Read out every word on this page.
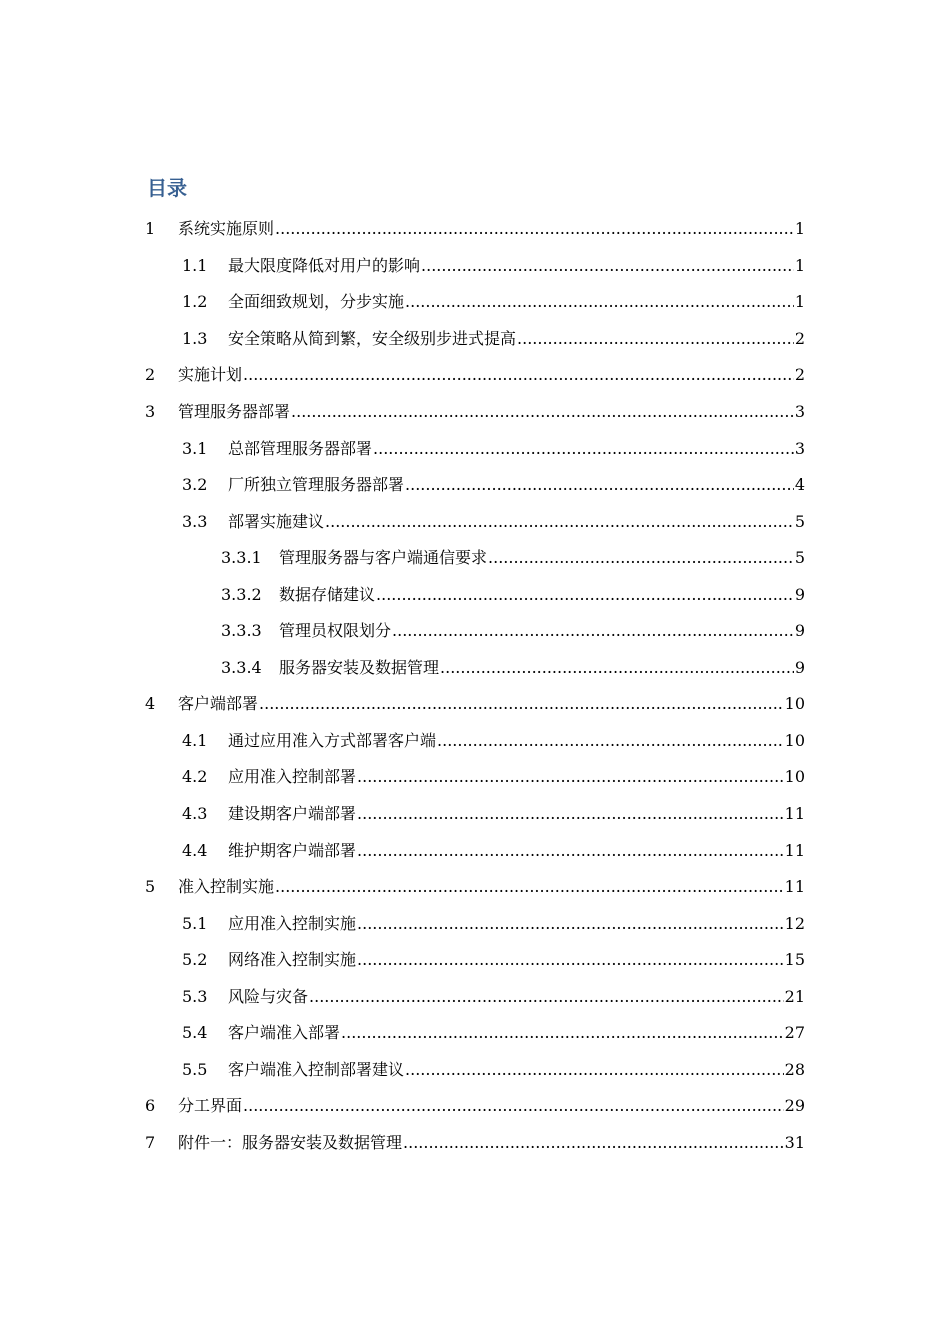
目录
1	系统实施原则 .....	1
1.1	最大限度降低对用户的影响 .....	1
1.2	全面细致规划，分步实施 .....	1
1.3	安全策略从简到繁，安全级别步进式提高 .....	2
2	实施计划 .....	2
3	管理服务器部署 .....	3
3.1	总部管理服务器部署 .....	3
3.2	厂所独立管理服务器部署 .....	4
3.3	部署实施建议 .....	5
3.3.1	管理服务器与客户端通信要求 .....	5
3.3.2	数据存储建议 .....	9
3.3.3	管理员权限划分 .....	9
3.3.4	服务器安装及数据管理 .....	9
4	客户端部署 .....	10
4.1	通过应用准入方式部署客户端 .....	10
4.2	应用准入控制部署 .....	10
4.3	建设期客户端部署 .....	11
4.4	维护期客户端部署 .....	11
5	准入控制实施 .....	11
5.1	应用准入控制实施 .....	12
5.2	网络准入控制实施 .....	15
5.3	风险与灾备 .....	21
5.4	客户端准入部署 .....	27
5.5	客户端准入控制部署建议 .....	28
6	分工界面 .....	29
7	附件一：服务器安装及数据管理 .....	31
